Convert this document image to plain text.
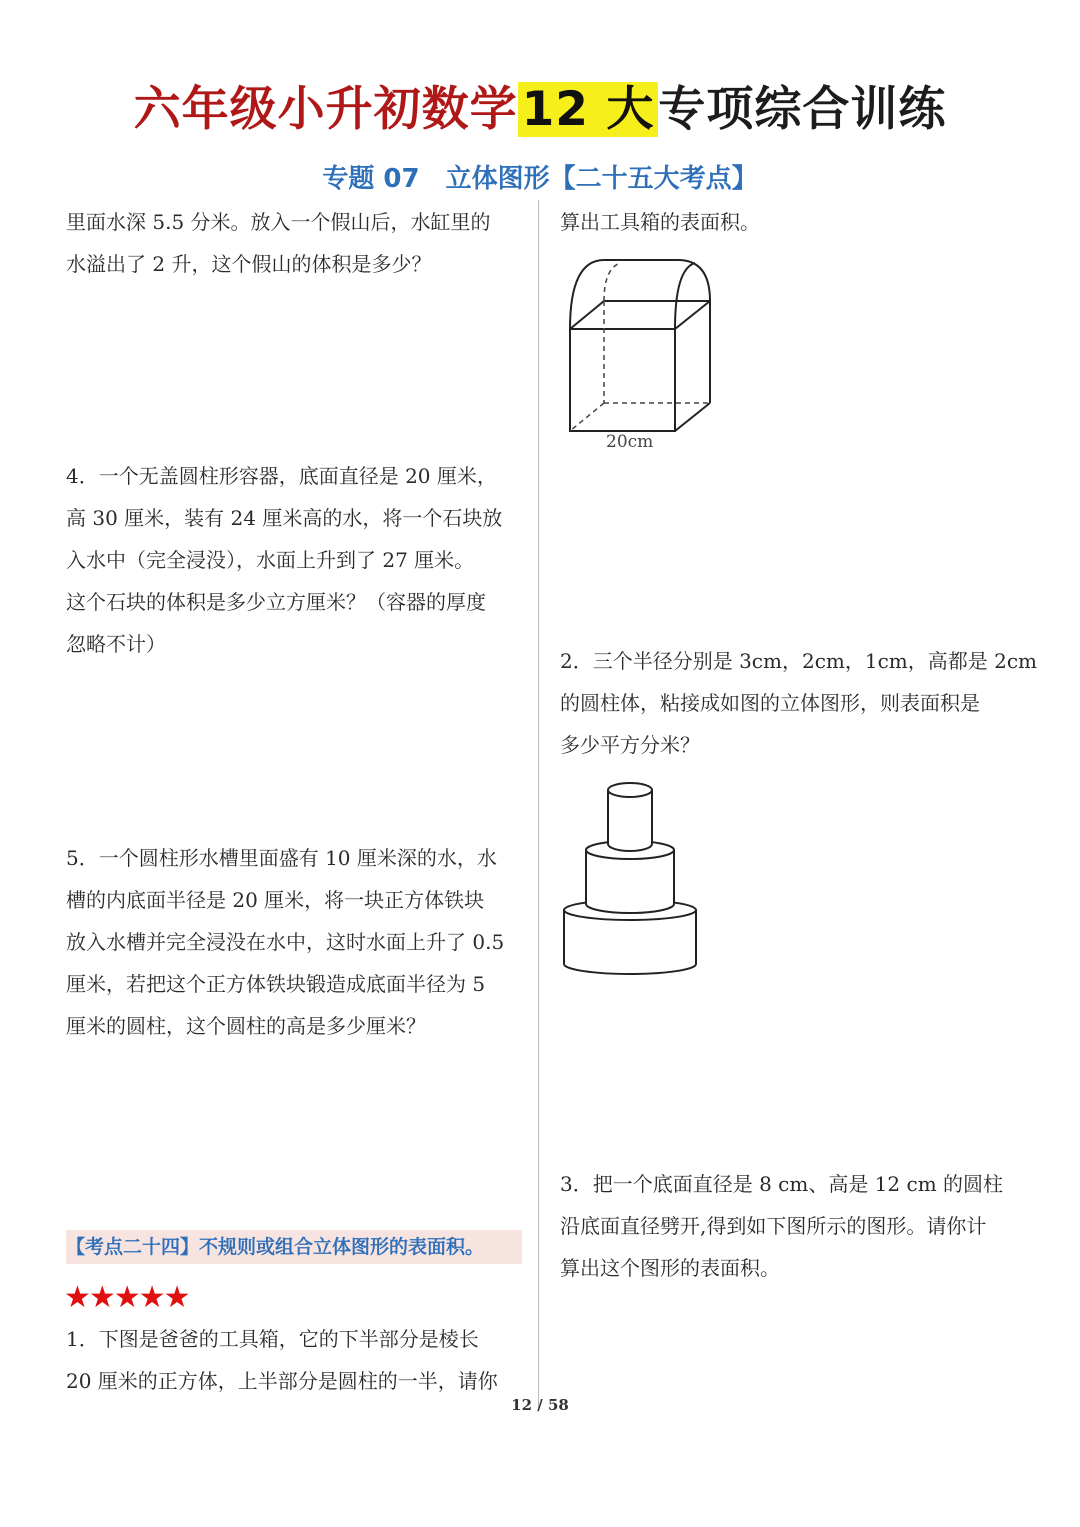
六年级小升初数学12 大专项综合训练
专题 07　立体图形【二十五大考点】
里面水深 5.5 分米。放入一个假山后，水缸里的
水溢出了 2 升，这个假山的体积是多少？
4．一个无盖圆柱形容器，底面直径是 20 厘米，
高 30 厘米，装有 24 厘米高的水，将一个石块放
入水中（完全浸没），水面上升到了 27 厘米。
这个石块的体积是多少立方厘米？（容器的厚度
忽略不计）
5．一个圆柱形水槽里面盛有 10 厘米深的水，水
槽的内底面半径是 20 厘米，将一块正方体铁块
放入水槽并完全浸没在水中，这时水面上升了 0.5
厘米，若把这个正方体铁块锻造成底面半径为 5
厘米的圆柱，这个圆柱的高是多少厘米？
【考点二十四】不规则或组合立体图形的表面积。
★★★★★
1．下图是爸爸的工具箱，它的下半部分是棱长
20 厘米的正方体，上半部分是圆柱的一半，请你
算出工具箱的表面积。
20cm
2．三个半径分别是 3cm，2cm，1cm，高都是 2cm
的圆柱体，粘接成如图的立体图形，则表面积是
多少平方分米？
3．把一个底面直径是 8 cm、高是 12 cm 的圆柱
沿底面直径劈开,得到如下图所示的图形。请你计
算出这个图形的表面积。
12 / 58
